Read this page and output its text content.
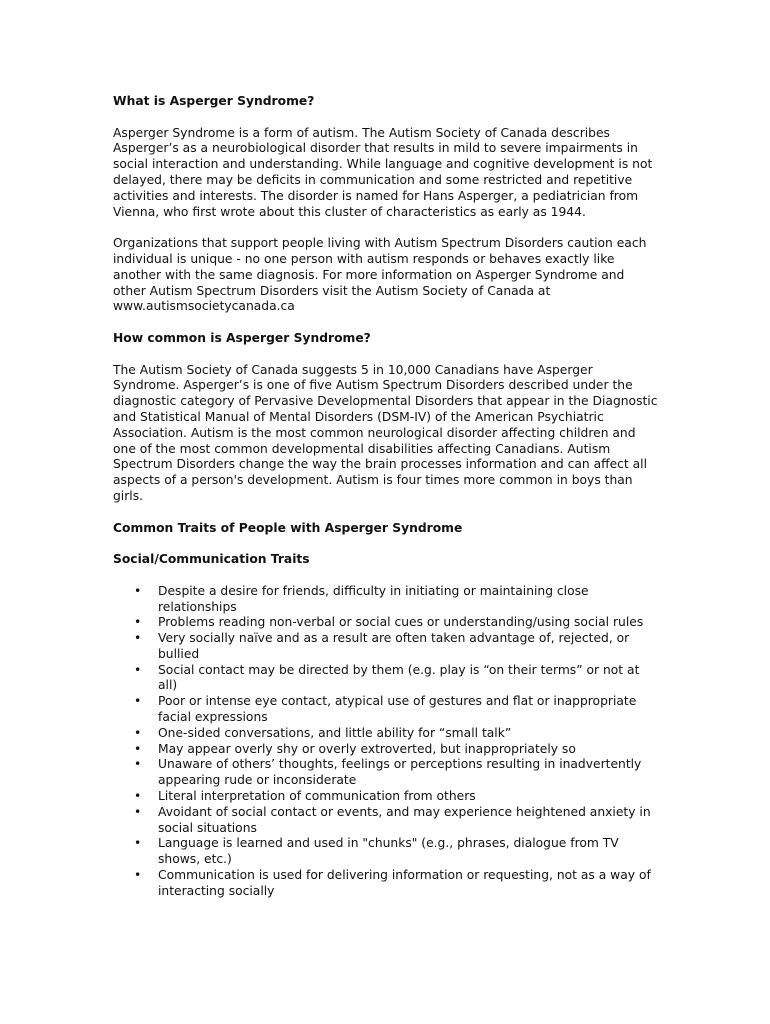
What is Asperger Syndrome?

Asperger Syndrome is a form of autism. The Autism Society of Canada describes Asperger’s as a neurobiological disorder that results in mild to severe impairments in social interaction and understanding. While language and cognitive development is not delayed, there may be deficits in communication and some restricted and repetitive activities and interests. The disorder is named for Hans Asperger, a pediatrician from Vienna, who first wrote about this cluster of characteristics as early as 1944.

Organizations that support people living with Autism Spectrum Disorders caution each individual is unique - no one person with autism responds or behaves exactly like another with the same diagnosis. For more information on Asperger Syndrome and other Autism Spectrum Disorders visit the Autism Society of Canada at www.autismsocietycanada.ca

How common is Asperger Syndrome?

The Autism Society of Canada suggests 5 in 10,000 Canadians have Asperger Syndrome. Asperger’s is one of five Autism Spectrum Disorders described under the diagnostic category of Pervasive Developmental Disorders that appear in the Diagnostic and Statistical Manual of Mental Disorders (DSM-IV) of the American Psychiatric Association. Autism is the most common neurological disorder affecting children and one of the most common developmental disabilities affecting Canadians. Autism Spectrum Disorders change the way the brain processes information and can affect all aspects of a person's development. Autism is four times more common in boys than girls.

Common Traits of People with Asperger Syndrome

Social/Communication Traits

• Despite a desire for friends, difficulty in initiating or maintaining close relationships
• Problems reading non-verbal or social cues or understanding/using social rules
• Very socially naïve and as a result are often taken advantage of, rejected, or bullied
• Social contact may be directed by them (e.g. play is “on their terms” or not at all)
• Poor or intense eye contact, atypical use of gestures and flat or inappropriate facial expressions
• One-sided conversations, and little ability for “small talk”
• May appear overly shy or overly extroverted, but inappropriately so
• Unaware of others’ thoughts, feelings or perceptions resulting in inadvertently appearing rude or inconsiderate
• Literal interpretation of communication from others
• Avoidant of social contact or events, and may experience heightened anxiety in social situations
• Language is learned and used in "chunks" (e.g., phrases, dialogue from TV shows, etc.)
• Communication is used for delivering information or requesting, not as a way of interacting socially
